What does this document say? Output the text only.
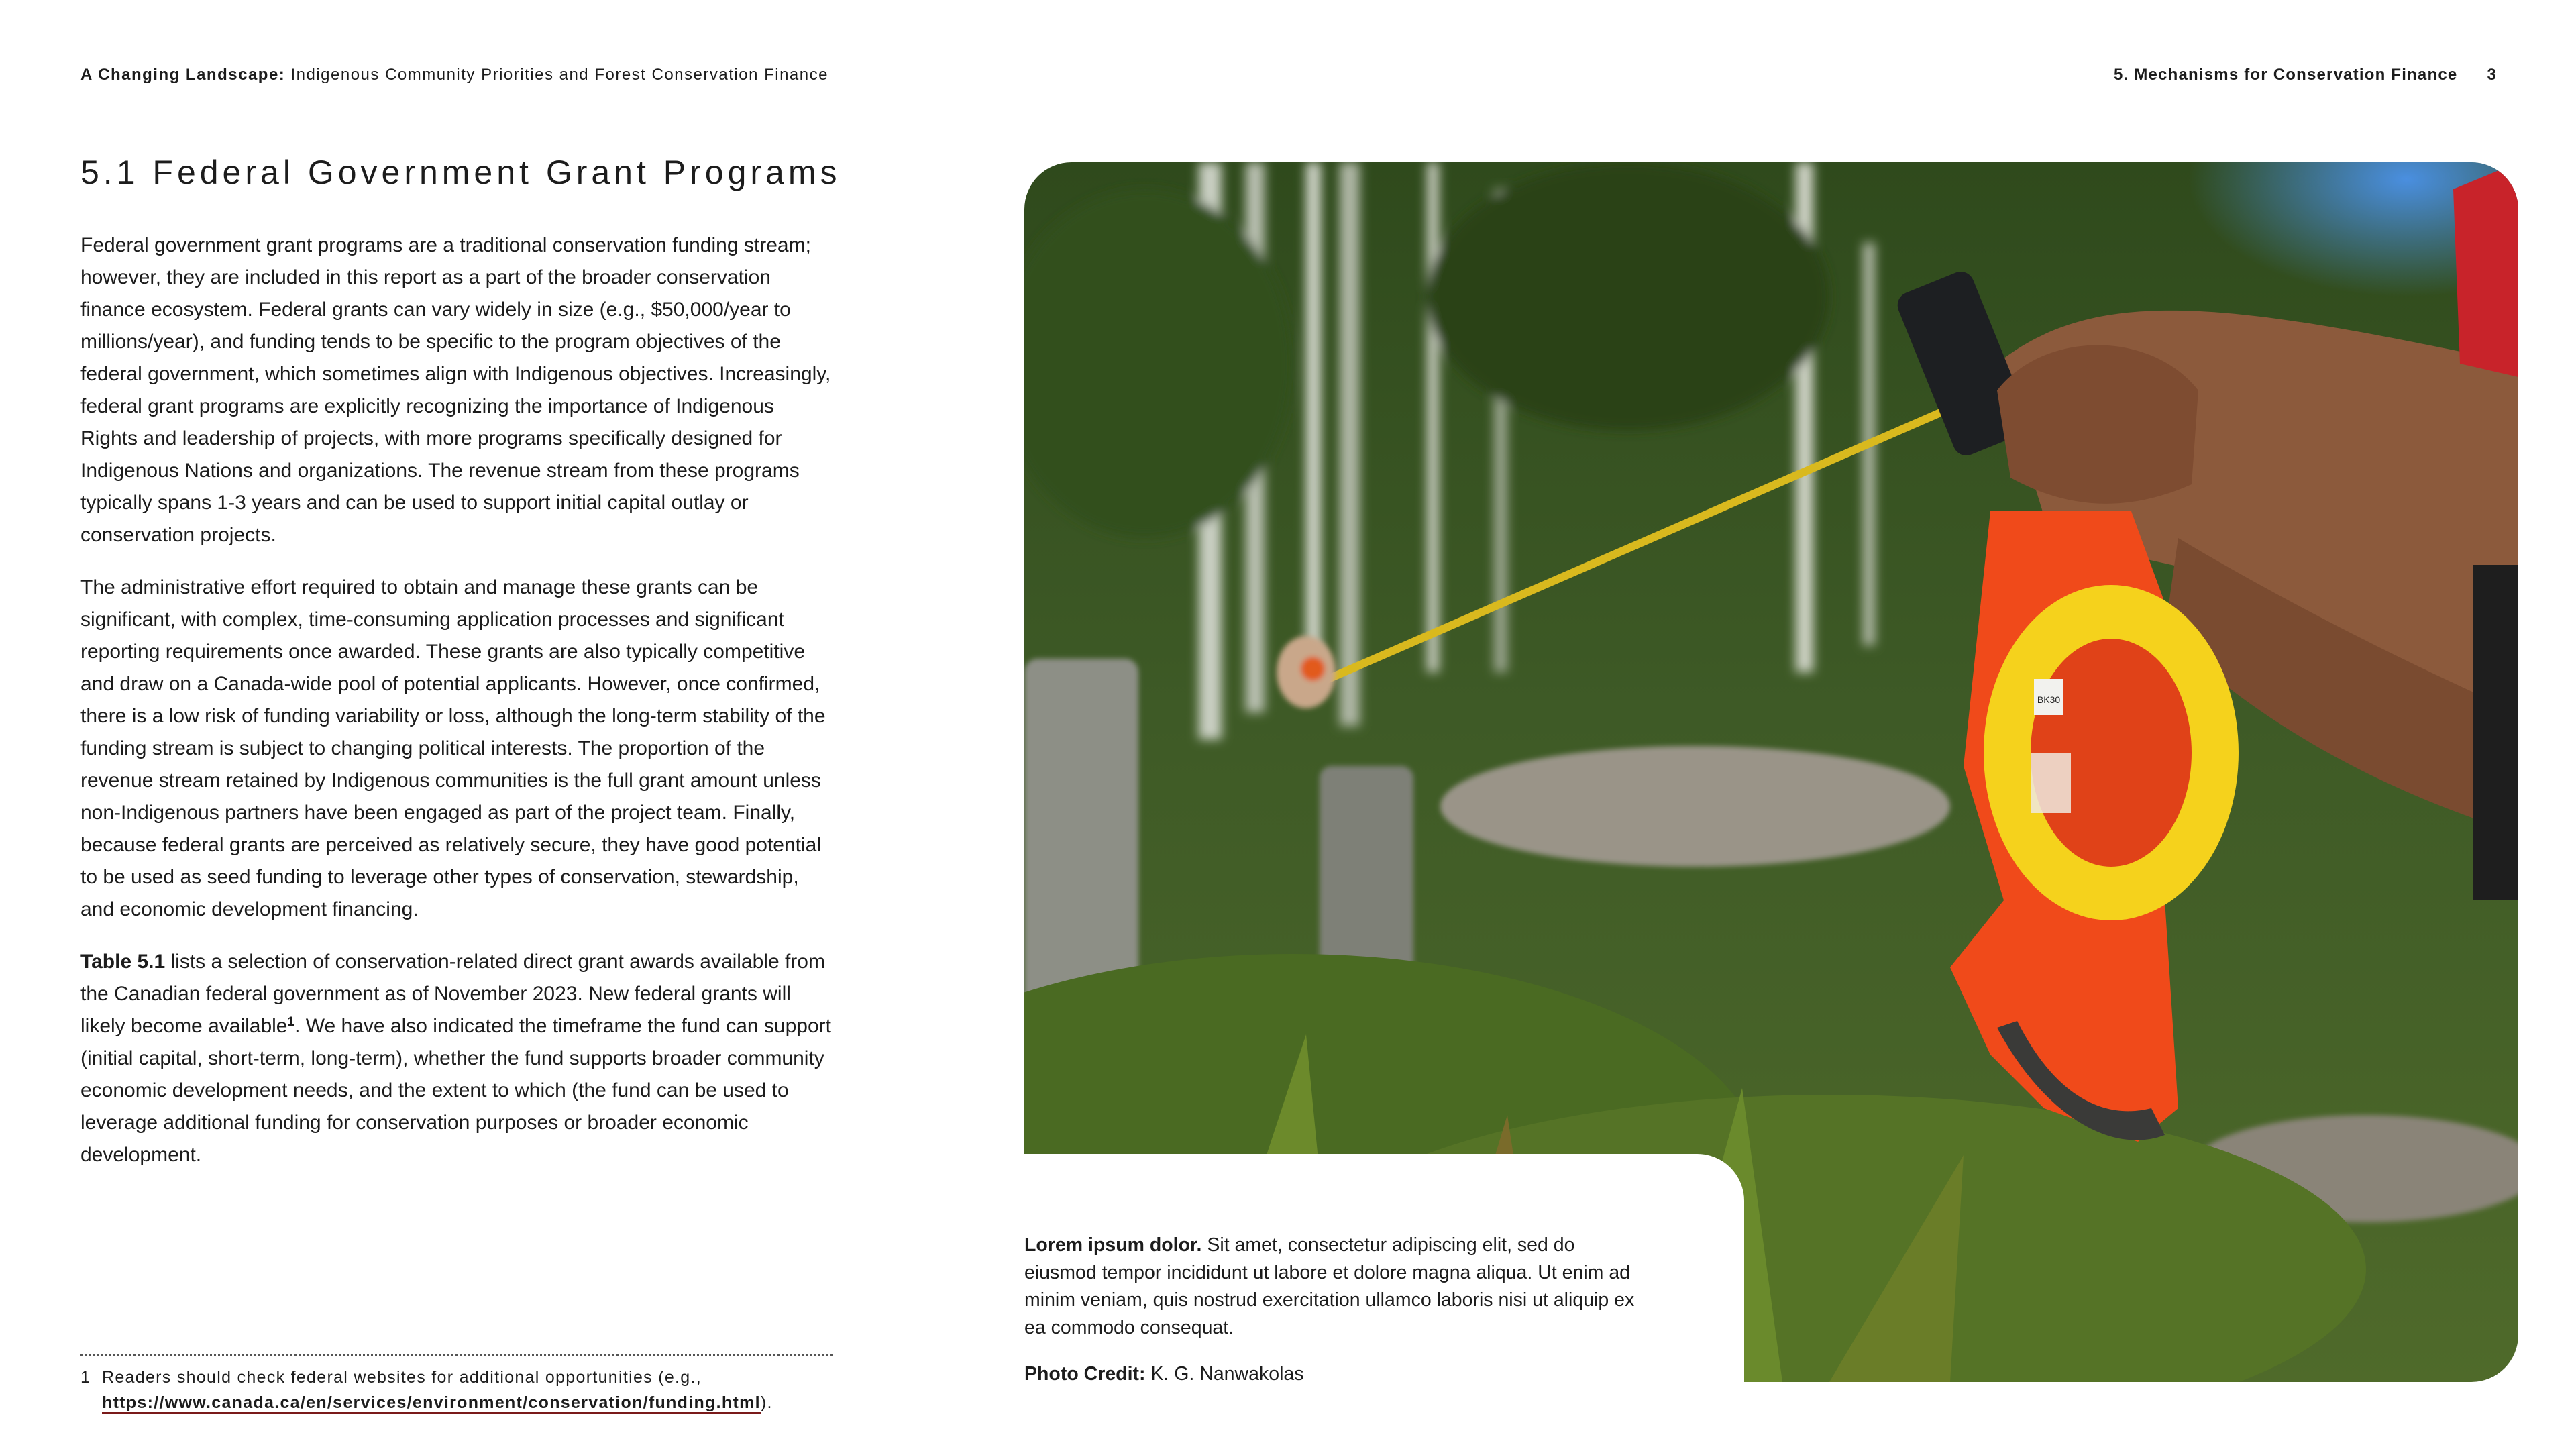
A Changing Landscape: Indigenous Community Priorities and Forest Conservation Finance	5. Mechanisms for Conservation Finance 3
5.1 Federal Government Grant Programs

Federal government grant programs are a traditional conservation funding stream; however, they are included in this report as a part of the broader conservation finance ecosystem. Federal grants can vary widely in size (e.g., $50,000/year to millions/year), and funding tends to be specific to the program objectives of the federal government, which sometimes align with Indigenous objectives. Increasingly, federal grant programs are explicitly recognizing the importance of Indigenous Rights and leadership of projects, with more programs specifically designed for Indigenous Nations and organizations. The revenue stream from these programs typically spans 1-3 years and can be used to support initial capital outlay or conservation projects.

The administrative effort required to obtain and manage these grants can be significant, with complex, time-consuming application processes and significant reporting requirements once awarded. These grants are also typically competitive and draw on a Canada-wide pool of potential applicants. However, once confirmed, there is a low risk of funding variability or loss, although the long-term stability of the funding stream is subject to changing political interests. The proportion of the revenue stream retained by Indigenous communities is the full grant amount unless non-Indigenous partners have been engaged as part of the project team. Finally, because federal grants are perceived as relatively secure, they have good potential to be used as seed funding to leverage other types of conservation, stewardship, and economic development financing.

Table 5.1 lists a selection of conservation-related direct grant awards available from the Canadian federal government as of November 2023. New federal grants will likely become available$^1$. We have also indicated the timeframe the fund can support (initial capital, short-term, long-term), whether the fund supports broader community economic development needs, and the extent to which (the fund can be used to leverage additional funding for conservation purposes or broader economic development.

1 Readers should check federal websites for additional opportunities (e.g.,
https://www.canada.ca/en/services/environment/conservation/funding.html).
BK30

Lorem ipsum dolor. Sit amet, consectetur adipiscing elit, sed do eiusmod tempor incididunt ut labore et dolore magna aliqua. Ut enim ad minim veniam, quis nostrud exercitation ullamco laboris nisi ut aliquip ex ea commodo consequat.

Photo Credit: K. G. Nanwakolas
